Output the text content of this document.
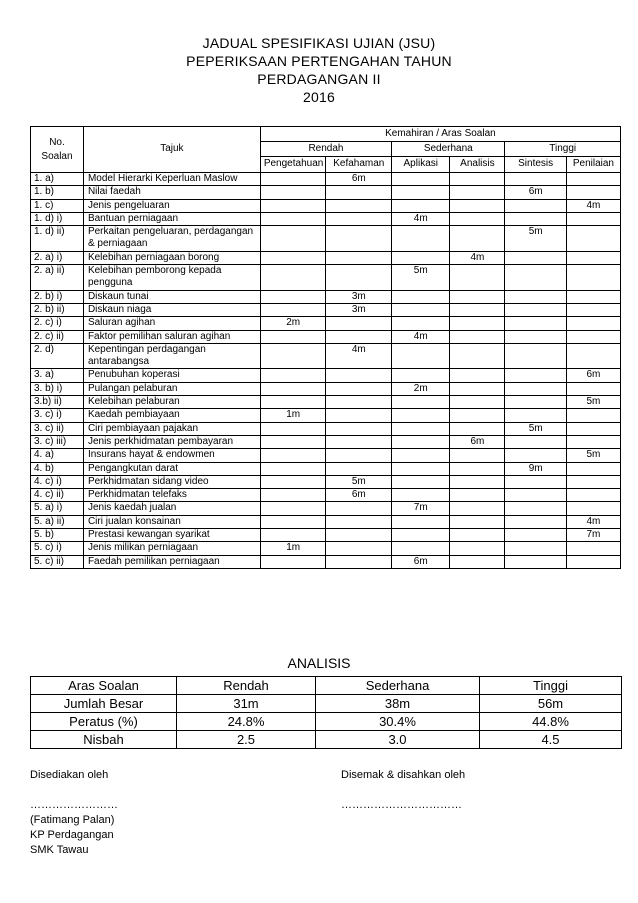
JADUAL SPESIFIKASI UJIAN (JSU)
PEPERIKSAAN PERTENGAHAN TAHUN
PERDAGANGAN II
2016
No.
Soalan	Tajuk	Kemahiran / Aras Soalan					
		Rendah		Sederhana		Tinggi	
		Pengetahuan	Kefahaman	Aplikasi	Analisis	Sintesis	Penilaian
1. a)	Model Hierarki Keperluan Maslow		6m				
1. b)	Nilai faedah					6m	
1. c)	Jenis pengeluaran						4m
1. d) i)	Bantuan perniagaan			4m			
1. d) ii)	Perkaitan pengeluaran, perdagangan & perniagaan					5m	
2. a) i)	Kelebihan perniagaan borong				4m		
2. a) ii)	Kelebihan pemborong kepada pengguna			5m			
2. b) i)	Diskaun tunai		3m				
2. b) ii)	Diskaun niaga		3m				
2. c) i)	Saluran agihan	2m					
2. c) ii)	Faktor pemilihan saluran agihan			4m			
2. d)	Kepentingan perdagangan antarabangsa		4m				
3. a)	Penubuhan koperasi						6m
3. b) i)	Pulangan pelaburan			2m			
3.b) ii)	Kelebihan pelaburan						5m
3. c) i)	Kaedah pembiayaan	1m					
3. c) ii)	Ciri pembiayaan pajakan					5m	
3. c) iii)	Jenis perkhidmatan pembayaran				6m		
4. a)	Insurans hayat & endowmen						5m
4. b)	Pengangkutan darat					9m	
4. c) i)	Perkhidmatan sidang video		5m				
4. c) ii)	Perkhidmatan telefaks		6m				
5. a) i)	Jenis kaedah jualan			7m			
5. a) ii)	Ciri jualan konsainan						4m
5. b)	Prestasi kewangan syarikat						7m
5. c) i)	Jenis milikan perniagaan	1m					
5. c) ii)	Faedah pemilikan perniagaan			6m			
ANALISIS
Aras Soalan	Rendah	Sederhana	Tinggi
Jumlah Besar	31m	38m	56m
Peratus (%)	24.8%	30.4%	44.8%
Nisbah	2.5	3.0	4.5
Disediakan oleh
……………………
(Fatimang Palan)
KP Perdagangan
SMK Tawau
Disemak & disahkan oleh
……………………………
